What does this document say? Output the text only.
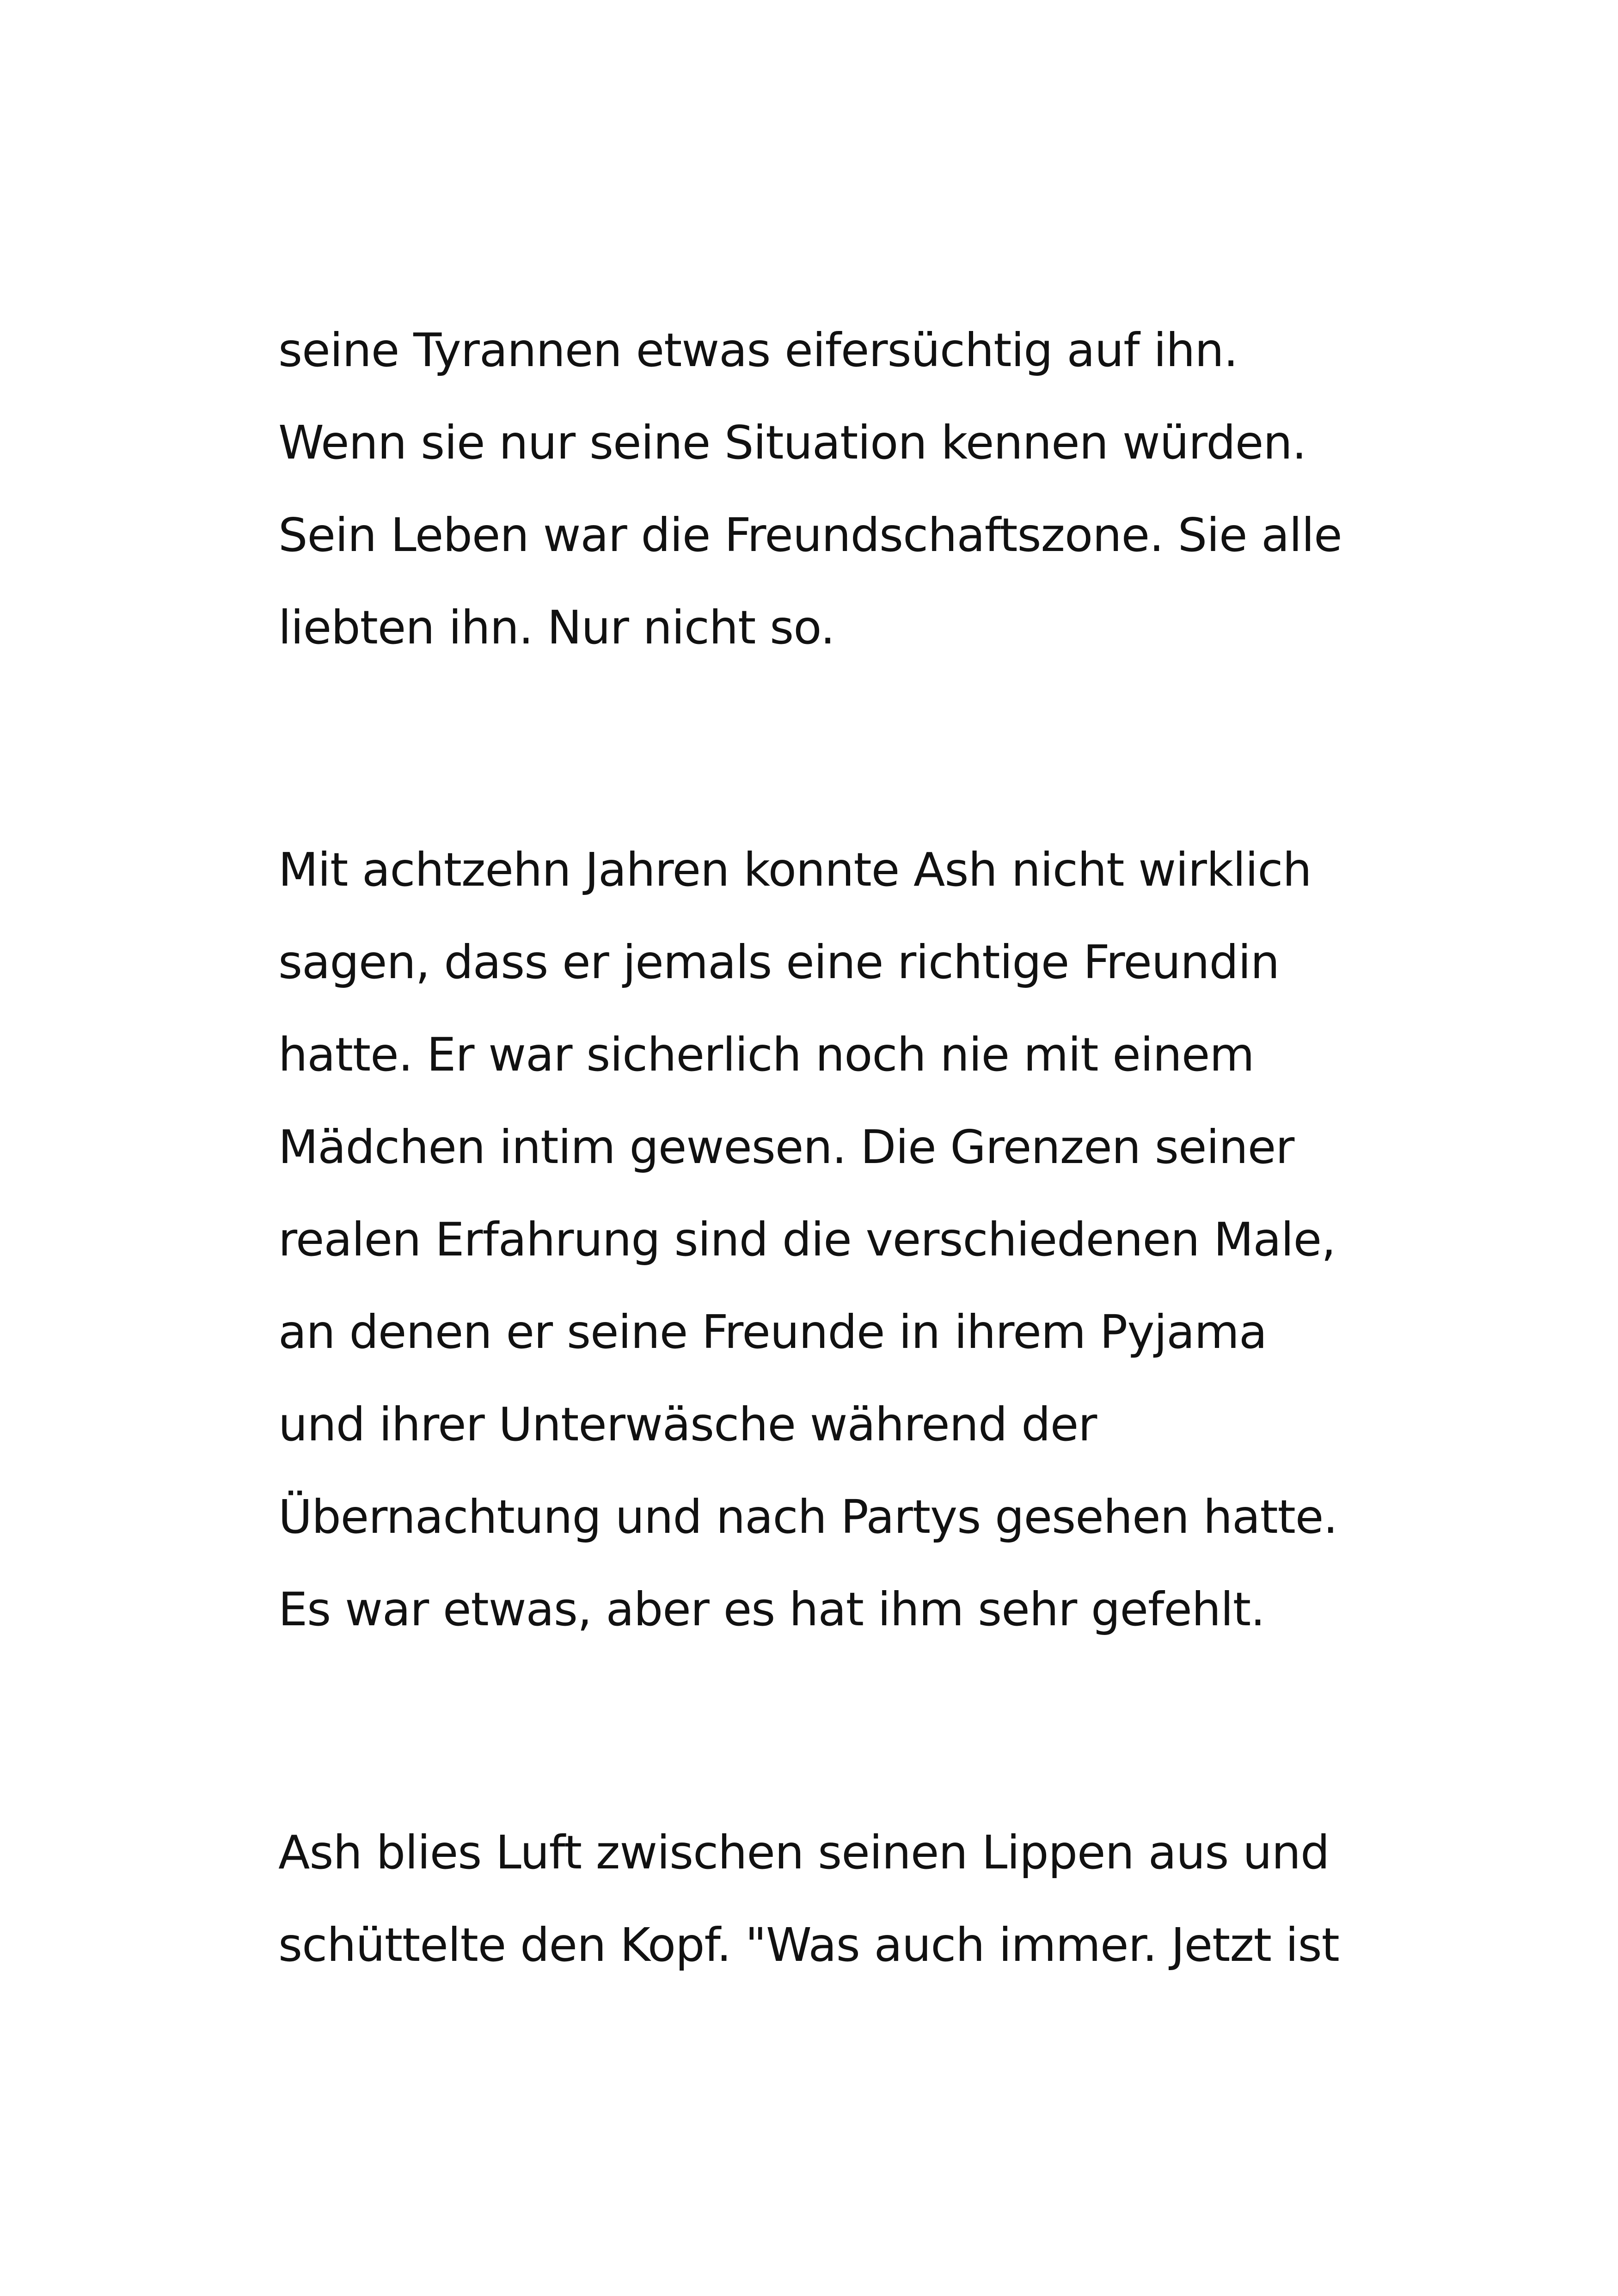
seine Tyrannen etwas eifersüchtig auf ihn.
Wenn sie nur seine Situation kennen würden.
Sein Leben war die Freundschaftszone. Sie alle
liebten ihn. Nur nicht so.
Mit achtzehn Jahren konnte Ash nicht wirklich
sagen, dass er jemals eine richtige Freundin
hatte. Er war sicherlich noch nie mit einem
Mädchen intim gewesen. Die Grenzen seiner
realen Erfahrung sind die verschiedenen Male,
an denen er seine Freunde in ihrem Pyjama
und ihrer Unterwäsche während der
Übernachtung und nach Partys gesehen hatte.
Es war etwas, aber es hat ihm sehr gefehlt.
Ash blies Luft zwischen seinen Lippen aus und
schüttelte den Kopf. "Was auch immer. Jetzt ist
